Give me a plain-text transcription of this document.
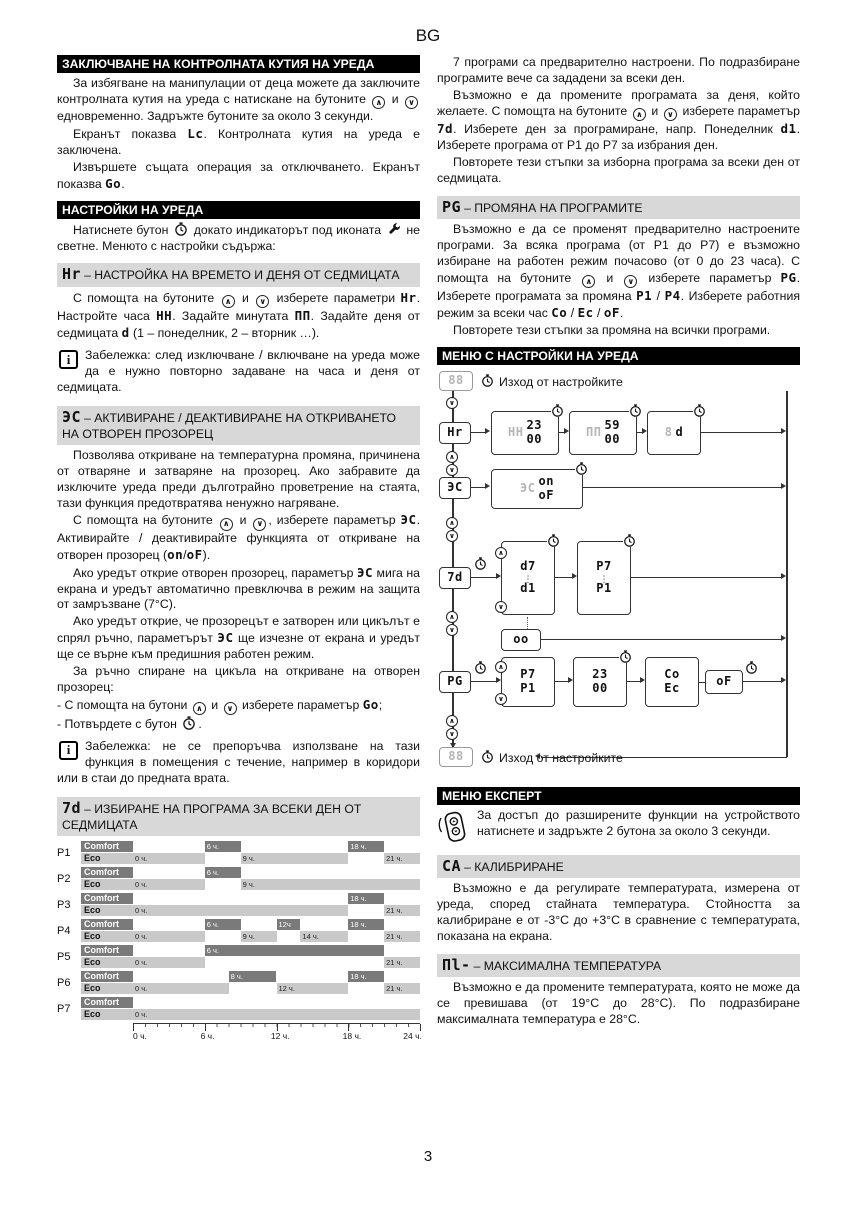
BG
ЗАКЛЮЧВАНЕ НА КОНТРОЛНАТА КУТИЯ НА УРЕДА

За избягване на манипулации от деца можете да заключите контролната кутия на уреда с натискане на бутоните ∧ и ∨ едновременно. Задръжте бутоните за около 3 секунди.

Екранът показва Lc. Контролната кутия на уреда е заключена.

Извършете същата операция за отключването. Екранът показва Go.

НАСТРОЙКИ НА УРЕДА

Натиснете бутон
докато индикаторът под иконата  не светне. Менюто с настройки съдържа:

Hr – НАСТРОЙКА НА ВРЕМЕТО И ДЕНЯ ОТ СЕДМИЦАТА

С помощта на бутоните ∧ и ∨ изберете параметри Hr. Настройте часа HH. Задайте минутата ПП. Задайте деня от седмицата d (1 – понеделник, 2 – вторник …).

i

Забележка: след изключване / включване на уреда може да е нужно повторно задаване на часа и деня от седмицата.

ЭС – АКТИВИРАНЕ / ДЕАКТИВИРАНЕ НА ОТКРИВАНЕТО НА ОТВОРЕН ПРОЗОРЕЦ

Позволява откриване на температурна промяна, причинена от отваряне и затваряне на прозорец. Ако забравите да изключите уреда преди дълготрайно проветрение на стаята, тази функция предотвратява ненужно нагряване.

С помощта на бутоните ∧ и ∨ , изберете параметър ЭС. Активирайте / деактивирайте функцията от откриване на отворен прозорец (on/oF).

Ако уредът открие отворен прозорец, параметър ЭС мига на екрана и уредът автоматично превключва в режим на защита от замръзване (7°С).

Ако уредът открие, че прозорецът е затворен или цикълът е спрял ръчно, параметърът ЭС ще изчезне от екрана и уредът ще се върне към предишния работен режим.

За ръчно спиране на цикъла на откриване на отворен прозорец:

- С помощта на бутони ∧ и ∨ изберете параметър Go;

- Потвърдете с бутон
.

i

Забележка: не се препоръчва използване на тази функция в помещения с течение, например в коридори или в стаи до предната врата.

7d – ИЗБИРАНЕ НА ПРОГРАМА ЗА ВСЕКИ ДЕН ОТ СЕДМИЦАТА
P1
Comfort	6 ч.	18 ч.
Eco	0 ч.	9 ч.	21 ч.
P2
Comfort	6 ч.
Eco	0 ч.	9 ч.
P3
Comfort	18 ч.
Eco	0 ч.	21 ч.
P4
Comfort	6 ч.	12ч	18 ч.
Eco	0 ч.	9 ч.	14 ч.	21 ч.
P5
Comfort	6 ч.
Eco	0 ч.	21 ч.
P6
Comfort	8 ч.	18 ч.
Eco	0 ч.	12 ч.	21 ч.
P7
Comfort
Eco	0 ч.
0 ч.	6 ч.	12 ч.	18 ч.	24 ч.

7 програми са предварително настроени. По подразбиране програмите вече са зададени за всеки ден.

Възможно е да промените програмата за деня, който желаете. С помощта на бутоните ∧ и ∨ изберете параметър 7d. Изберете ден за програмиране, напр. Понеделник d1. Изберете програма от P1 до P7 за избрания ден.

Повторете тези стъпки за изборна програма за всеки ден от седмицата.

PG – ПРОМЯНА НА ПРОГРАМИТЕ

Възможно е да се променят предварително настроените програми. За всяка програма (от P1 до P7) е възможно избиране на работен режим почасово (от 0 до 23 часа). С помощта на бутоните ∧ и ∨ изберете параметър PG. Изберете програмата за промяна P1 / P4. Изберете работния режим за всеки час Co / Ec / oF.

Повторете тези стъпки за промяна на всички програми.

МЕНЮ С НАСТРОЙКИ НА УРЕДА
88	Изход от настройките
∨
Hr	HH 23
00	ПП 59
00	8 d
∧
∨
ЭС	ЭС on
oF
∧
∨
7d
d7
⋮
d1
∧
∨
P7
⋮
P1
oo
∧
∨
PG	P7
P1
∧
∨
23
00
Co
Ec	oF
∧
∨
88	Изход от настройките
МЕНЮ ЕКСПЕРТ

За достъп до разширените функции на устройството натиснете и задръжте 2 бутона за около 3 секунди.

СА – КАЛИБРИРАНЕ

Възможно е да регулирате температурата, измерена от уреда, според стайната температура. Стойността за калибриране е от -3°С до +3°С в сравнение с температурата, показана на екрана.

Пl- – МАКСИМАЛНА ТЕМПЕРАТУРА

Възможно е да промените температурата, която не може да се превишава (от 19°С до 28°С). По подразбиране максималната температура е 28°С.

3
